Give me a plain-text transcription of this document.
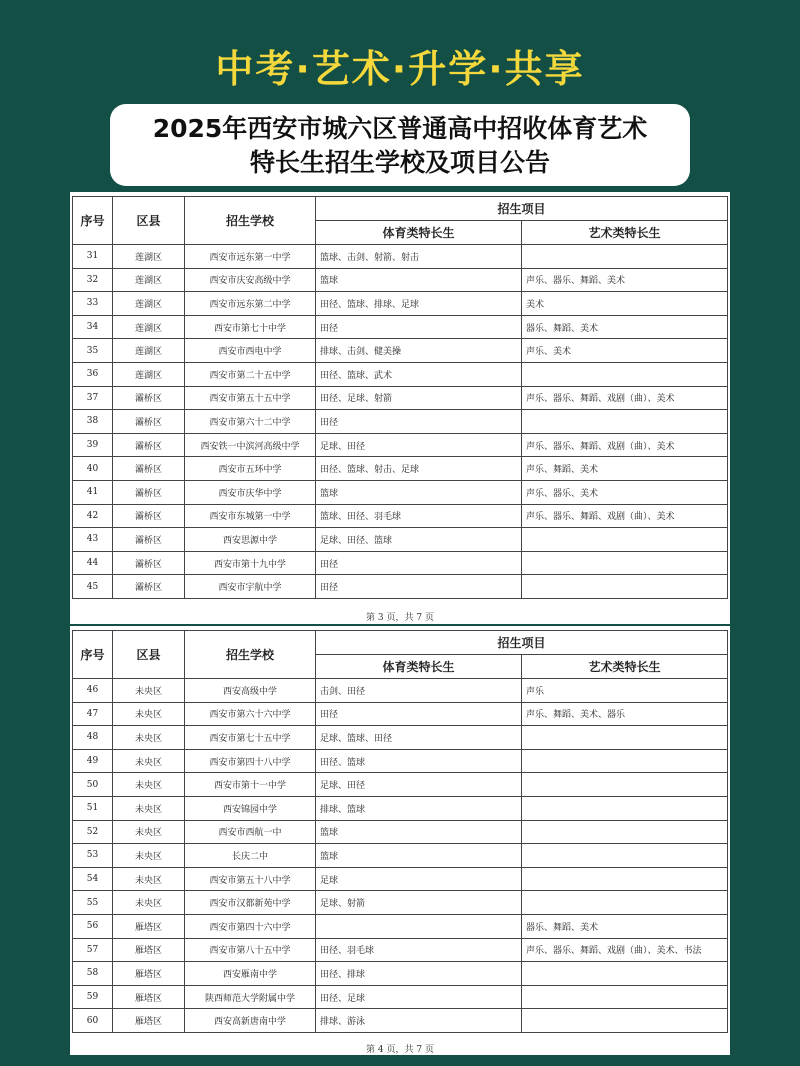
中考·艺术·升学·共享
2025年西安市城六区普通高中招收体育艺术
特长生招生学校及项目公告
序号	区县	招生学校	招生项目	
			体育类特长生	艺术类特长生
31	莲湖区	西安市远东第一中学	篮球、击剑、射箭、射击	
32	莲湖区	西安市庆安高级中学	篮球	声乐、器乐、舞蹈、美术
33	莲湖区	西安市远东第二中学	田径、篮球、排球、足球	美术
34	莲湖区	西安市第七十中学	田径	器乐、舞蹈、美术
35	莲湖区	西安市西电中学	排球、击剑、健美操	声乐、美术
36	莲湖区	西安市第二十五中学	田径、篮球、武术	
37	灞桥区	西安市第五十五中学	田径、足球、射箭	声乐、器乐、舞蹈、戏剧（曲）、美术
38	灞桥区	西安市第六十二中学	田径	
39	灞桥区	西安铁一中滨河高级中学	足球、田径	声乐、器乐、舞蹈、戏剧（曲）、美术
40	灞桥区	西安市五环中学	田径、篮球、射击、足球	声乐、舞蹈、美术
41	灞桥区	西安市庆华中学	篮球	声乐、器乐、美术
42	灞桥区	西安市东城第一中学	篮球、田径、羽毛球	声乐、器乐、舞蹈、戏剧（曲）、美术
43	灞桥区	西安思源中学	足球、田径、篮球	
44	灞桥区	西安市第十九中学	田径	
45	灞桥区	西安市宇航中学	田径	
第 3 页，共 7 页
序号	区县	招生学校	招生项目	
			体育类特长生	艺术类特长生
46	未央区	西安高级中学	击剑、田径	声乐
47	未央区	西安市第六十六中学	田径	声乐、舞蹈、美术、器乐
48	未央区	西安市第七十五中学	足球、篮球、田径	
49	未央区	西安市第四十八中学	田径、篮球	
50	未央区	西安市第十一中学	足球、田径	
51	未央区	西安锦园中学	排球、篮球	
52	未央区	西安市西航一中	篮球	
53	未央区	长庆二中	篮球	
54	未央区	西安市第五十八中学	足球	
55	未央区	西安市汉都新苑中学	足球、射箭	
56	雁塔区	西安市第四十六中学		器乐、舞蹈、美术
57	雁塔区	西安市第八十五中学	田径、羽毛球	声乐、器乐、舞蹈、戏剧（曲）、美术、书法
58	雁塔区	西安雁南中学	田径、排球	
59	雁塔区	陕西师范大学附属中学	田径、足球	
60	雁塔区	西安高新唐南中学	排球、游泳	
第 4 页，共 7 页
